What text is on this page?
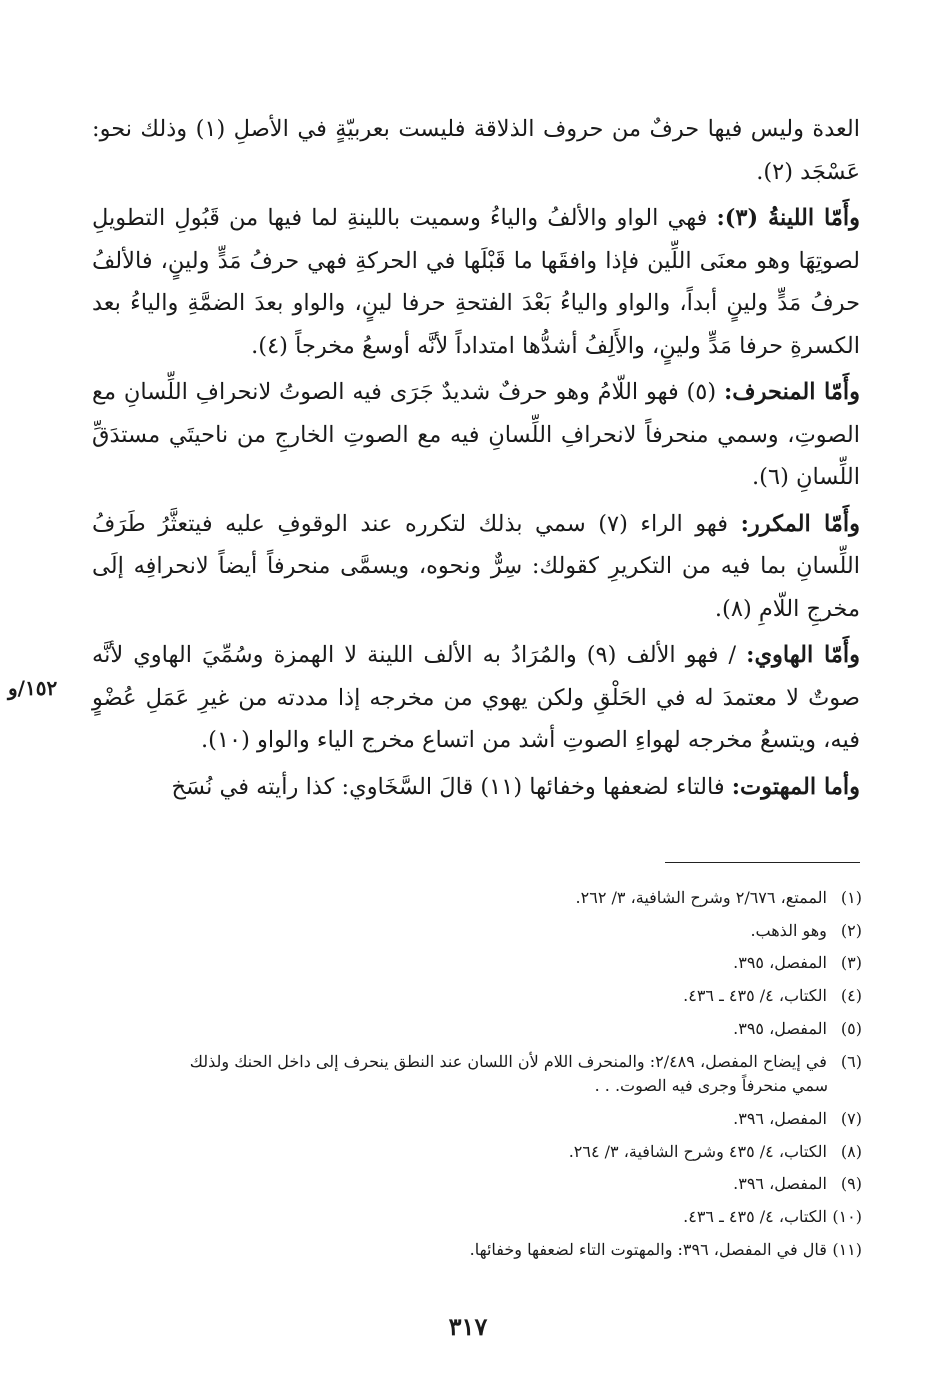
العدة وليس فيها حرفٌ من حروف الذلاقة فليست بعربيّةٍ في الأصلِ (١) وذلك نحو: عَسْجَد (٢).

وأَمّا اللينةُ (٣): فهي الواو والألفُ والياءُ وسميت باللينةِ لما فيها من قَبُولِ التطويلِ لصوتِهَا وهو معنَى اللِّين فإذا وافقَها ما قَبْلَها في الحركةِ فهي حرفُ مَدٍّ ولينٍ، فالألفُ حرفُ مَدٍّ ولينٍ أبداً، والواو والياءُ بَعْدَ الفتحةِ حرفا لينٍ، والواو بعدَ الضمَّةِ والياءُ بعد الكسرةِ حرفا مَدٍّ ولينٍ، والأَلِفُ أشدُّها امتداداً لأنَّه أوسعُ مخرجاً (٤).

وأَمّا المنحرف: (٥) فهو اللّامُ وهو حرفٌ شديدٌ جَرَى فيه الصوتُ لانحرافِ اللِّسانِ مع الصوتِ، وسمي منحرفاً لانحرافِ اللِّسانِ فيه مع الصوتِ الخارجِ من ناحيتَي مستدَقِّ اللِّسانِ (٦).

وأَمّا المكرر: فهو الراء (٧) سمي بذلك لتكرره عند الوقوفِ عليه فيتعثَّرُ طَرَفُ اللِّسانِ بما فيه من التكريرِ كقولك: سِرٌّ ونحوه، ويسمَّى منحرفاً أيضاً لانحرافِه إلَى مخرجِ اللّامِ (٨).

وأَمّا الهاوي: / فهو الألف (٩) والمُرَادُ به الألف اللينة لا الهمزة وسُمِّيَ الهاوي لأنَّه صوتٌ لا معتمدَ له في الحَلْقِ ولكن يهوي من مخرجه إذا مددته من غيرِ عَمَلِ عُضْوٍ فيه، ويتسعُ مخرجه لهواءِ الصوتِ أشد من اتساع مخرج الياء والواو (١٠).

وأما المهتوت: فالتاء لضعفها وخفائها (١١) قالَ السَّخَاوي: كذا رأيته في نُسَخ

١٥٢/و

(١) الممتع، ٢/٦٧٦ وشرح الشافية، ٣/ ٢٦٢.

(٢) وهو الذهب.

(٣) المفصل، ٣٩٥.

(٤) الكتاب، ٤/ ٤٣٥ ـ ٤٣٦.

(٥) المفصل، ٣٩٥.

(٦) في إيضاح المفصل، ٢/٤٨٩: والمنحرف اللام لأن اللسان عند النطق ينحرف إلى داخل الحنك ولذلك

سمي منحرفاً وجرى فيه الصوت. . .

(٧) المفصل، ٣٩٦.

(٨) الكتاب، ٤/ ٤٣٥ وشرح الشافية، ٣/ ٢٦٤.

(٩) المفصل، ٣٩٦.

(١٠) الكتاب، ٤/ ٤٣٥ ـ ٤٣٦.

(١١) قال في المفصل، ٣٩٦: والمهتوت التاء لضعفها وخفائها.

٣١٧
